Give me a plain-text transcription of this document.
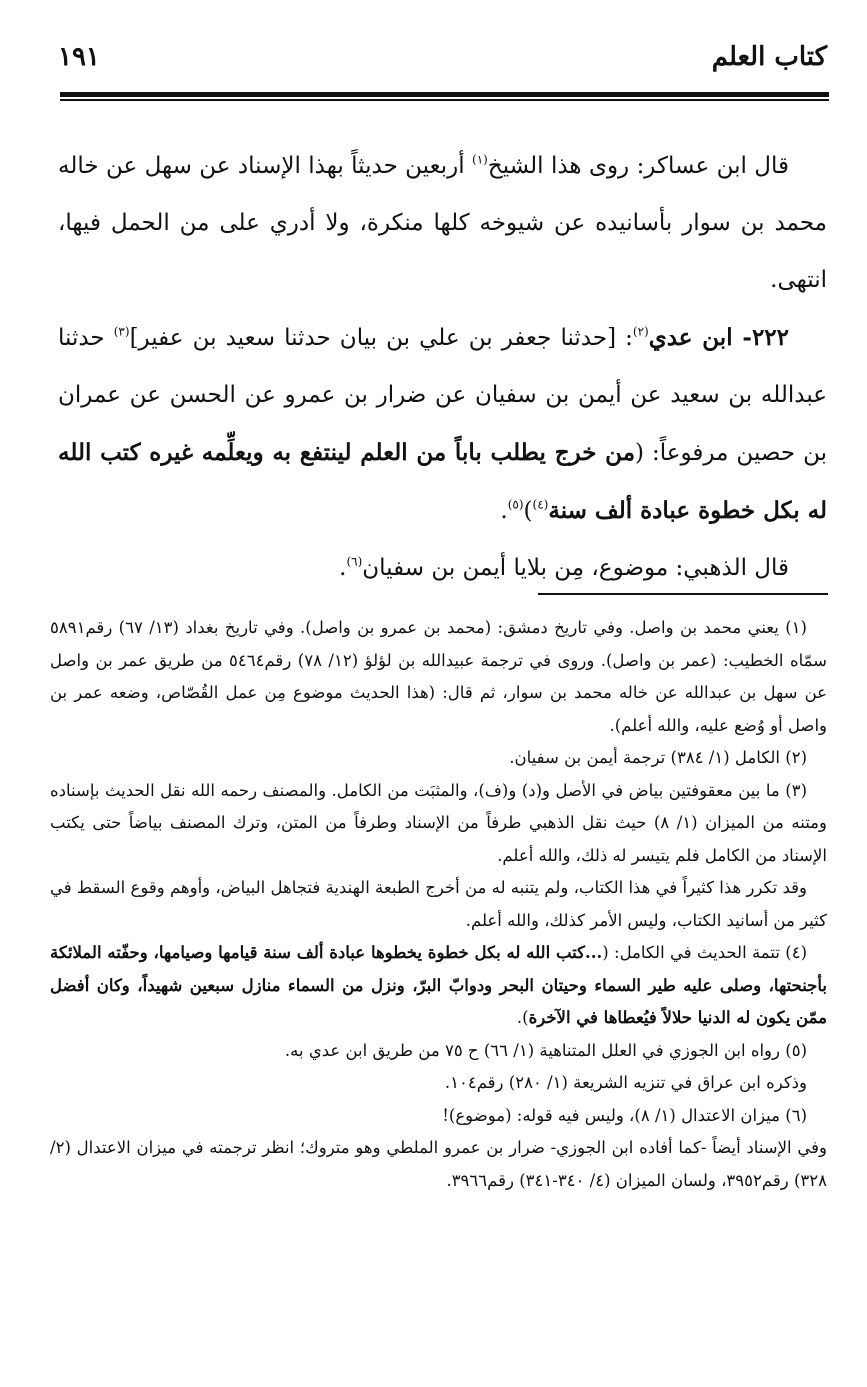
كتاب العلم
١٩١

قال ابن عساكر: روى هذا الشيخ$^{(١)}$ أربعين حديثاً بهذا الإسناد عن سهل عن خاله محمد بن سوار بأسانيده عن شيوخه كلها منكرة، ولا أدري على من الحمل فيها، انتهى.

٢٢٢- ابن عدي$^{(٢)}$: [حدثنا جعفر بن علي بن بيان حدثنا سعيد بن عفير]$^{(٣)}$ حدثنا عبدالله بن سعيد عن أيمن بن سفيان عن ضرار بن عمرو عن الحسن عن عمران بن حصين مرفوعاً: (من خرج يطلب باباً من العلم لينتفع به ويعلِّمه غيره كتب الله له بكل خطوة عبادة ألف سنة$^{(٤)}$)$^{(٥)}$.

قال الذهبي: موضوع، مِن بلايا أيمن بن سفيان$^{(٦)}$.

(١) يعني محمد بن واصل. وفي تاريخ دمشق: (محمد بن عمرو بن واصل). وفي تاريخ بغداد (١٣/ ٦٧) رقم٥٨٩١ سمّاه الخطيب: (عمر بن واصل). وروى في ترجمة عبيدالله بن لؤلؤ (١٢/ ٧٨) رقم٥٤٦٤ من طريق عمر بن واصل عن سهل بن عبدالله عن خاله محمد بن سوار، ثم قال: (هذا الحديث موضوع مِن عمل القُصّاص، وضعه عمر بن واصل أو وُضع عليه، والله أعلم).

(٢) الكامل (١/ ٣٨٤) ترجمة أيمن بن سفيان.

(٣) ما بين معقوفتين بياض في الأصل و(د) و(ف)، والمثبَت من الكامل. والمصنف رحمه الله نقل الحديث بإسناده ومتنه من الميزان (١/ ٨) حيث نقل الذهبي طرفاً من الإسناد وطرفاً من المتن، وترك المصنف بياضاً حتى يكتب الإسناد من الكامل فلم يتيسر له ذلك، والله أعلم.

وقد تكرر هذا كثيراً في هذا الكتاب، ولم يتنبه له من أخرج الطبعة الهندية فتجاهل البياض، وأوهم وقوع السقط في كثير من أسانيد الكتاب، وليس الأمر كذلك، والله أعلم.

(٤) تتمة الحديث في الكامل: (...كتب الله له بكل خطوة يخطوها عبادة ألف سنة قيامها وصيامها، وحفّته الملائكة بأجنحتها، وصلى عليه طير السماء وحيتان البحر ودوابّ البرّ، ونزل من السماء منازل سبعين شهيداً، وكان أفضل ممّن يكون له الدنيا حلالاً فيُعطاها في الآخرة).

(٥) رواه ابن الجوزي في العلل المتناهية (١/ ٦٦) ح ٧٥ من طريق ابن عدي به.

وذكره ابن عراق في تنزيه الشريعة (١/ ٢٨٠) رقم١٠٤.

(٦) ميزان الاعتدال (١/ ٨)، وليس فيه قوله: (موضوع)!

وفي الإسناد أيضاً -كما أفاده ابن الجوزي- ضرار بن عمرو الملطي وهو متروك؛ انظر ترجمته في ميزان الاعتدال (٢/ ٣٢٨) رقم٣٩٥٢، ولسان الميزان (٤/ ٣٤٠-٣٤١) رقم٣٩٦٦.
